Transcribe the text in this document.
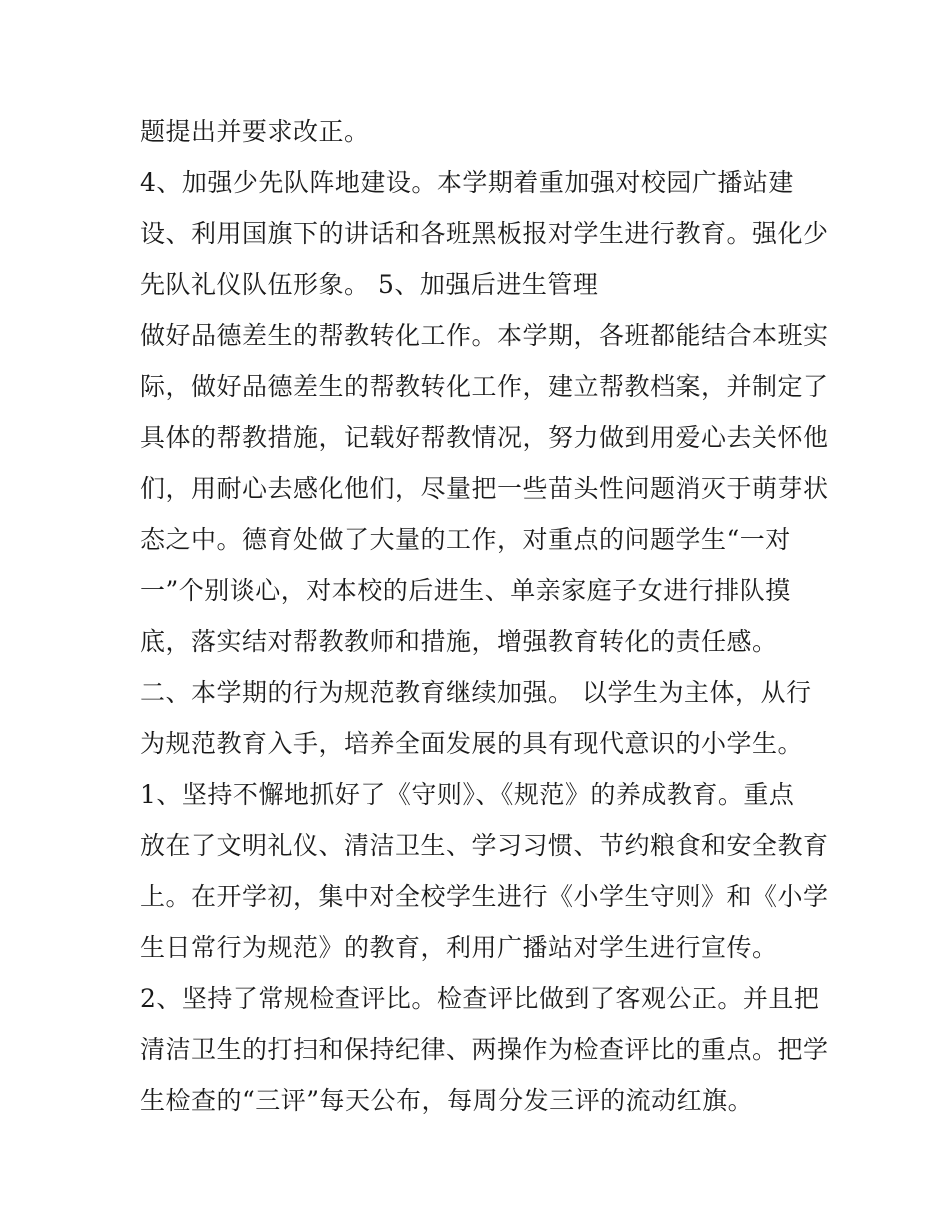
题提出并要求改正。
4、加强少先队阵地建设。本学期着重加强对校园广播站建
设、利用国旗下的讲话和各班黑板报对学生进行教育。强化少
先队礼仪队伍形象。 5、加强后进生管理
做好品德差生的帮教转化工作。本学期，各班都能结合本班实
际，做好品德差生的帮教转化工作，建立帮教档案，并制定了
具体的帮教措施，记载好帮教情况，努力做到用爱心去关怀他
们，用耐心去感化他们，尽量把一些苗头性问题消灭于萌芽状
态之中。德育处做了大量的工作，对重点的问题学生“一对
一”个别谈心，对本校的后进生、单亲家庭子女进行排队摸
底，落实结对帮教教师和措施，增强教育转化的责任感。
二、本学期的行为规范教育继续加强。 以学生为主体，从行
为规范教育入手，培养全面发展的具有现代意识的小学生。
1、坚持不懈地抓好了《守则》、《规范》的养成教育。重点
放在了文明礼仪、清洁卫生、学习习惯、节约粮食和安全教育
上。在开学初，集中对全校学生进行《小学生守则》和《小学
生日常行为规范》的教育，利用广播站对学生进行宣传。
2、坚持了常规检查评比。检查评比做到了客观公正。并且把
清洁卫生的打扫和保持纪律、两操作为检查评比的重点。把学
生检查的“三评”每天公布，每周分发三评的流动红旗。
